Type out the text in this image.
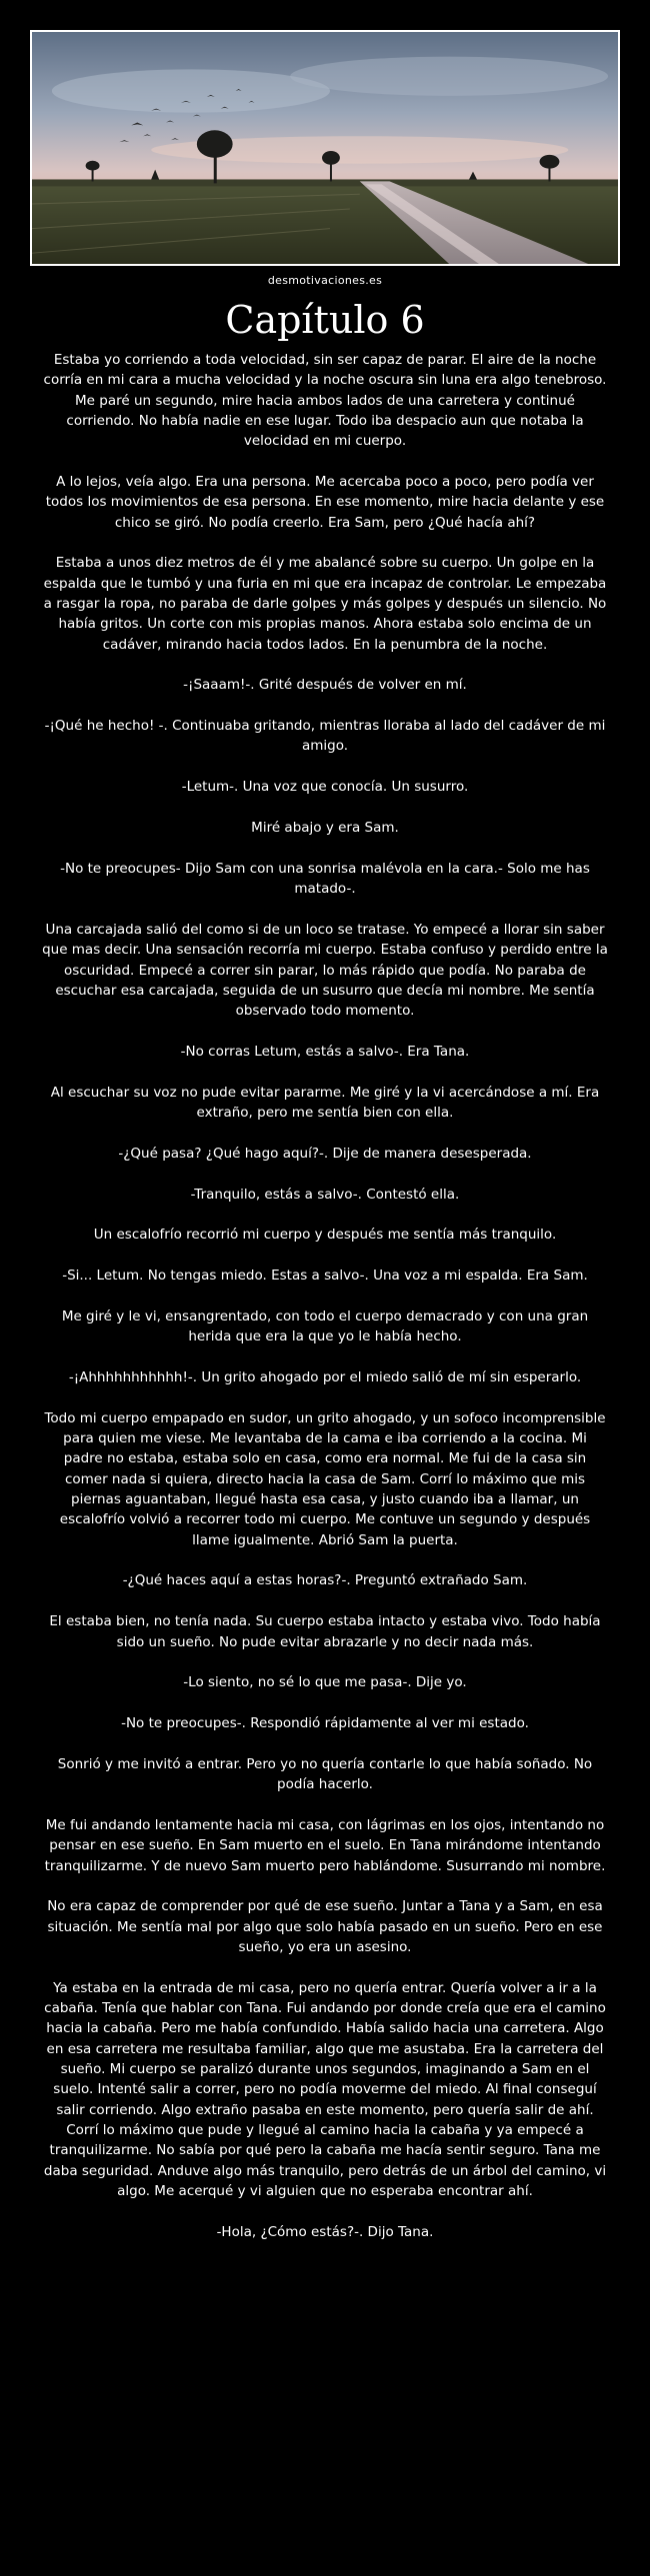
desmotivaciones.es
Capítulo 6

Estaba yo corriendo a toda velocidad, sin ser capaz de parar. El aire de la noche corría en mi cara a mucha velocidad y la noche oscura sin luna era algo tenebroso. Me paré un segundo, mire hacia ambos lados de una carretera y continué corriendo. No había nadie en ese lugar. Todo iba despacio aun que notaba la velocidad en mi cuerpo.

A lo lejos, veía algo. Era una persona. Me acercaba poco a poco, pero podía ver todos los movimientos de esa persona. En ese momento, mire hacia delante y ese chico se giró. No podía creerlo. Era Sam, pero ¿Qué hacía ahí?

Estaba a unos diez metros de él y me abalancé sobre su cuerpo. Un golpe en la espalda que le tumbó y una furia en mi que era incapaz de controlar. Le empezaba a rasgar la ropa, no paraba de darle golpes y más golpes y después un silencio. No había gritos. Un corte con mis propias manos. Ahora estaba solo encima de un cadáver, mirando hacia todos lados. En la penumbra de la noche.

-¡Saaam!-. Grité después de volver en mí.

-¡Qué he hecho! -. Continuaba gritando, mientras lloraba al lado del cadáver de mi amigo.

-Letum-. Una voz que conocía. Un susurro.

Miré abajo y era Sam.

-No te preocupes- Dijo Sam con una sonrisa malévola en la cara.- Solo me has matado-.

Una carcajada salió del como si de un loco se tratase. Yo empecé a llorar sin saber que mas decir. Una sensación recorría mi cuerpo. Estaba confuso y perdido entre la oscuridad. Empecé a correr sin parar, lo más rápido que podía. No paraba de escuchar esa carcajada, seguida de un susurro que decía mi nombre. Me sentía observado todo momento.

-No corras Letum, estás a salvo-. Era Tana.

Al escuchar su voz no pude evitar pararme. Me giré y la vi acercándose a mí. Era extraño, pero me sentía bien con ella.

-¿Qué pasa? ¿Qué hago aquí?-. Dije de manera desesperada.

-Tranquilo, estás a salvo-. Contestó ella.

Un escalofrío recorrió mi cuerpo y después me sentía más tranquilo.

-Si... Letum. No tengas miedo. Estas a salvo-. Una voz a mi espalda. Era Sam.

Me giré y le vi, ensangrentado, con todo el cuerpo demacrado y con una gran herida que era la que yo le había hecho.

-¡Ahhhhhhhhhhh!-. Un grito ahogado por el miedo salió de mí sin esperarlo.

Todo mi cuerpo empapado en sudor, un grito ahogado, y un sofoco incomprensible para quien me viese. Me levantaba de la cama e iba corriendo a la cocina. Mi padre no estaba, estaba solo en casa, como era normal. Me fui de la casa sin comer nada si quiera, directo hacia la casa de Sam. Corrí lo máximo que mis piernas aguantaban, llegué hasta esa casa, y justo cuando iba a llamar, un escalofrío volvió a recorrer todo mi cuerpo. Me contuve un segundo y después llame igualmente. Abrió Sam la puerta.

-¿Qué haces aquí a estas horas?-. Preguntó extrañado Sam.

El estaba bien, no tenía nada. Su cuerpo estaba intacto y estaba vivo. Todo había sido un sueño. No pude evitar abrazarle y no decir nada más.

-Lo siento, no sé lo que me pasa-. Dije yo.

-No te preocupes-. Respondió rápidamente al ver mi estado.

Sonrió y me invitó a entrar. Pero yo no quería contarle lo que había soñado. No podía hacerlo.

Me fui andando lentamente hacia mi casa, con lágrimas en los ojos, intentando no pensar en ese sueño. En Sam muerto en el suelo. En Tana mirándome intentando tranquilizarme. Y de nuevo Sam muerto pero hablándome. Susurrando mi nombre.

No era capaz de comprender por qué de ese sueño. Juntar a Tana y a Sam, en esa situación. Me sentía mal por algo que solo había pasado en un sueño. Pero en ese sueño, yo era un asesino.

Ya estaba en la entrada de mi casa, pero no quería entrar. Quería volver a ir a la cabaña. Tenía que hablar con Tana. Fui andando por donde creía que era el camino hacia la cabaña. Pero me había confundido. Había salido hacia una carretera. Algo en esa carretera me resultaba familiar, algo que me asustaba. Era la carretera del sueño. Mi cuerpo se paralizó durante unos segundos, imaginando a Sam en el suelo. Intenté salir a correr, pero no podía moverme del miedo. Al final conseguí salir corriendo. Algo extraño pasaba en este momento, pero quería salir de ahí. Corrí lo máximo que pude y llegué al camino hacia la cabaña y ya empecé a tranquilizarme. No sabía por qué pero la cabaña me hacía sentir seguro. Tana me daba seguridad. Anduve algo más tranquilo, pero detrás de un árbol del camino, vi algo. Me acerqué y vi alguien que no esperaba encontrar ahí.

-Hola, ¿Cómo estás?-. Dijo Tana.
